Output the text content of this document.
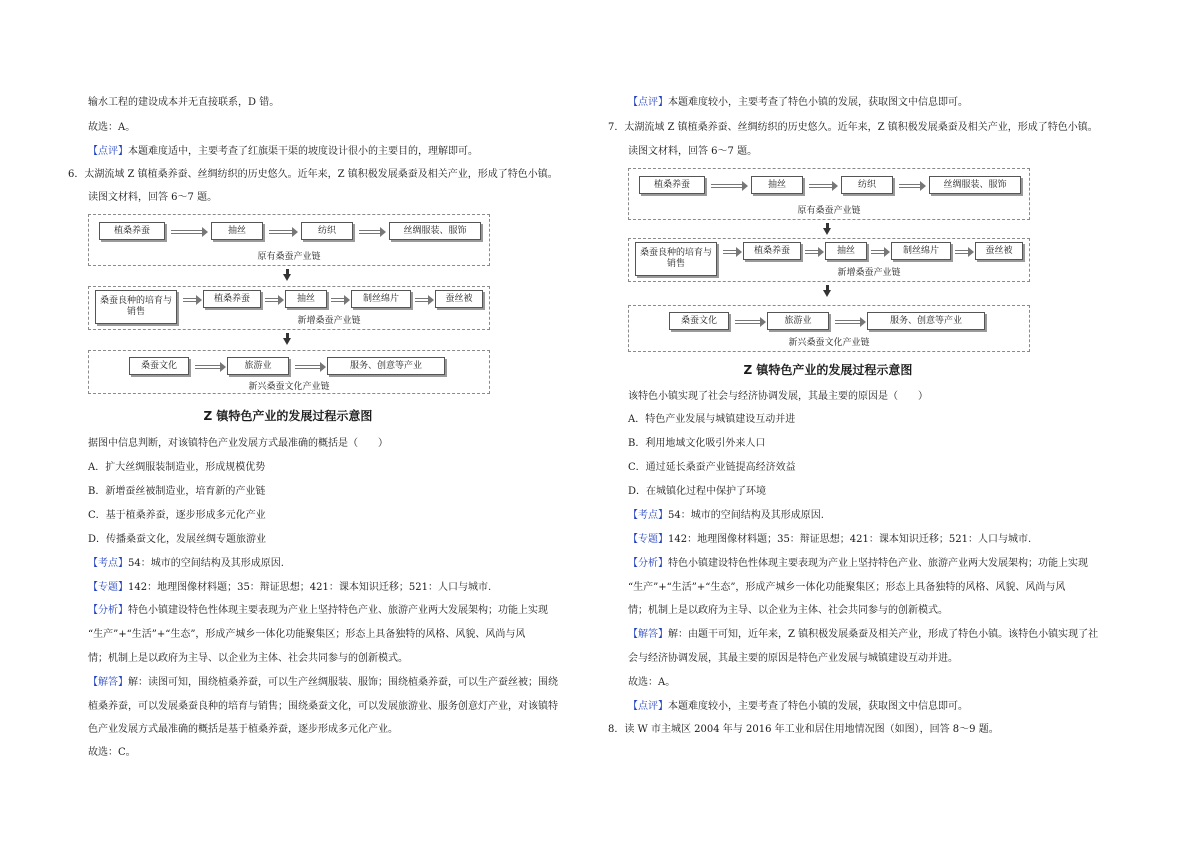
输水工程的建设成本并无直接联系，D 错。
故选：A。
【点评】本题难度适中，主要考查了红旗渠干渠的坡度设计很小的主要目的，理解即可。
6．太湖流域 Z 镇植桑养蚕、丝绸纺织的历史悠久。近年来，Z 镇积极发展桑蚕及相关产业，形成了特色小镇。
读图文材料，回答 6～7 题。
植桑养蚕	抽丝	纺织	丝绸服装、服饰
原有桑蚕产业链
桑蚕良种的培育与销售
植桑养蚕	抽丝	制丝绵片	蚕丝被
新增桑蚕产业链
桑蚕文化	旅游业	服务、创意等产业
新兴桑蚕文化产业链
Z 镇特色产业的发展过程示意图
据图中信息判断，对该镇特色产业发展方式最准确的概括是（　　）
A．扩大丝绸服装制造业，形成规模优势
B．新增蚕丝被制造业，培育新的产业链
C．基于植桑养蚕，逐步形成多元化产业
D．传播桑蚕文化，发展丝绸专题旅游业
【考点】54：城市的空间结构及其形成原因.
【专题】142：地理图像材料题；35：辩证思想；421：课本知识迁移；521：人口与城市.
【分析】特色小镇建设特色性体现主要表现为产业上坚持特色产业、旅游产业两大发展架构；功能上实现
“生产”+“生活”+“生态”，形成产城乡一体化功能聚集区；形态上具备独特的风格、风貌、风尚与风
情；机制上是以政府为主导、以企业为主体、社会共同参与的创新模式。
【解答】解：读图可知，围绕植桑养蚕，可以生产丝绸服装、服饰；围绕植桑养蚕，可以生产蚕丝被；围绕
植桑养蚕，可以发展桑蚕良种的培育与销售；围绕桑蚕文化，可以发展旅游业、服务创意灯产业，对该镇特
色产业发展方式最准确的概括是基于植桑养蚕，逐步形成多元化产业。
故选：C。
【点评】本题难度较小，主要考查了特色小镇的发展，获取图文中信息即可。
7．太湖流域 Z 镇植桑养蚕、丝绸纺织的历史悠久。近年来，Z 镇积极发展桑蚕及相关产业，形成了特色小镇。
读图文材料，回答 6～7 题。
植桑养蚕	抽丝	纺织	丝绸服装、服饰
原有桑蚕产业链
桑蚕良种的培育与销售
植桑养蚕	抽丝	制丝绵片	蚕丝被
新增桑蚕产业链
桑蚕文化	旅游业	服务、创意等产业
新兴桑蚕文化产业链
Z 镇特色产业的发展过程示意图
该特色小镇实现了社会与经济协调发展，其最主要的原因是（　　）
A．特色产业发展与城镇建设互动并进
B．利用地域文化吸引外来人口
C．通过延长桑蚕产业链提高经济效益
D．在城镇化过程中保护了环境
【考点】54：城市的空间结构及其形成原因.
【专题】142：地理图像材料题；35：辩证思想；421：课本知识迁移；521：人口与城市.
【分析】特色小镇建设特色性体现主要表现为产业上坚持特色产业、旅游产业两大发展架构；功能上实现
“生产”+“生活”+“生态”，形成产城乡一体化功能聚集区；形态上具备独特的风格、风貌、风尚与风
情；机制上是以政府为主导、以企业为主体、社会共同参与的创新模式。
【解答】解：由题干可知，近年来，Z 镇积极发展桑蚕及相关产业，形成了特色小镇。该特色小镇实现了社
会与经济协调发展，其最主要的原因是特色产业发展与城镇建设互动并进。
故选：A。
【点评】本题难度较小，主要考查了特色小镇的发展，获取图文中信息即可。
8．读 W 市主城区 2004 年与 2016 年工业和居住用地情况图（如图），回答 8～9 题。
